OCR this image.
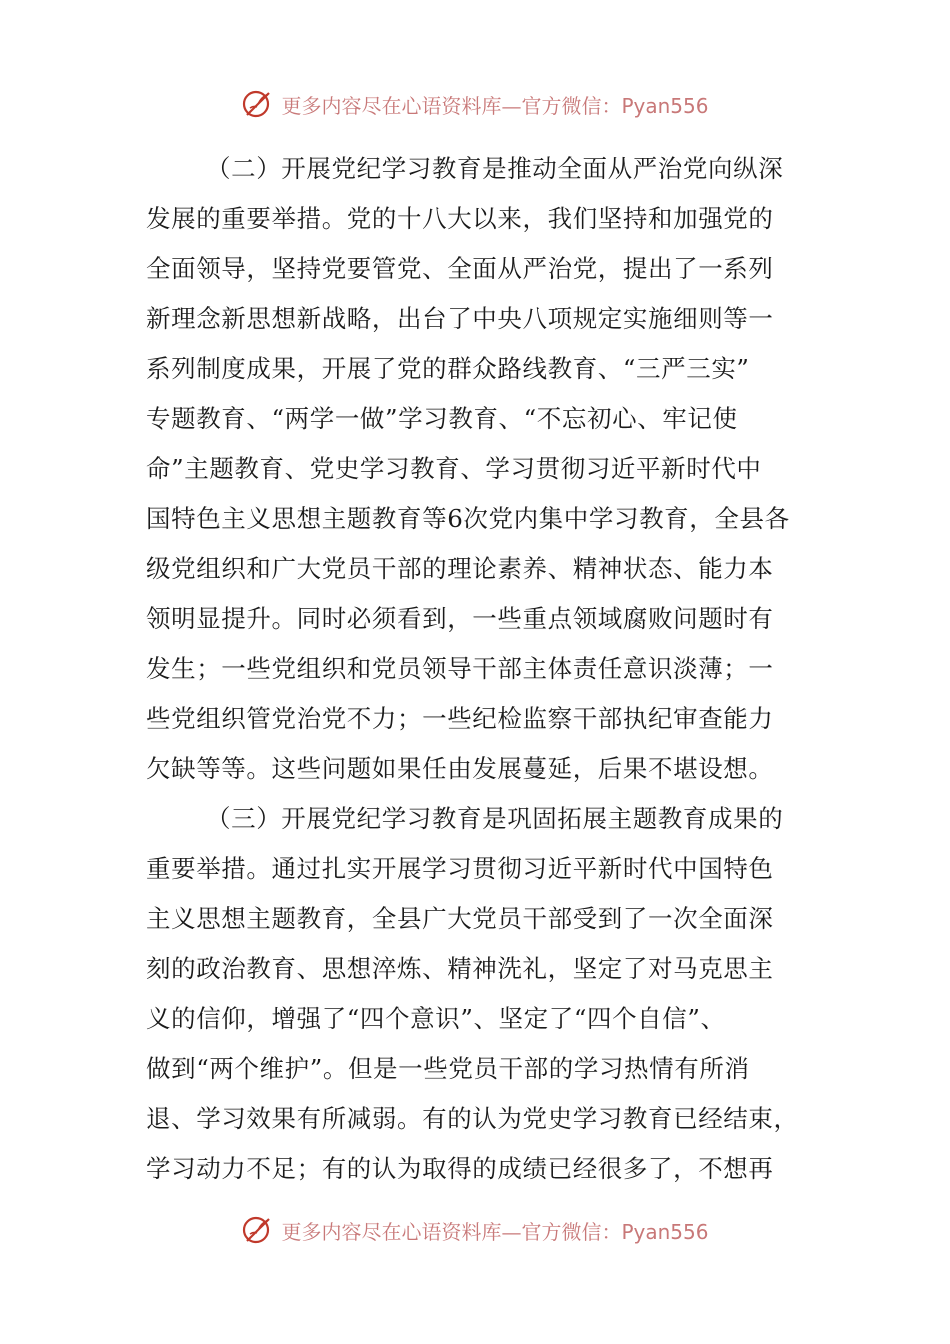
更多内容尽在心语资料库—官方微信：Pyan556
（二）开展党纪学习教育是推动全面从严治党向纵深
发展的重要举措。党的十八大以来，我们坚持和加强党的
全面领导，坚持党要管党、全面从严治党，提出了一系列
新理念新思想新战略，出台了中央八项规定实施细则等一
系列制度成果，开展了党的群众路线教育、“三严三实”
专题教育、“两学一做”学习教育、“不忘初心、牢记使
命”主题教育、党史学习教育、学习贯彻习近平新时代中
国特色主义思想主题教育等6次党内集中学习教育，全县各
级党组织和广大党员干部的理论素养、精神状态、能力本
领明显提升。同时必须看到，一些重点领域腐败问题时有
发生；一些党组织和党员领导干部主体责任意识淡薄；一
些党组织管党治党不力；一些纪检监察干部执纪审查能力
欠缺等等。这些问题如果任由发展蔓延，后果不堪设想。
（三）开展党纪学习教育是巩固拓展主题教育成果的
重要举措。通过扎实开展学习贯彻习近平新时代中国特色
主义思想主题教育，全县广大党员干部受到了一次全面深
刻的政治教育、思想淬炼、精神洗礼，坚定了对马克思主
义的信仰，增强了“四个意识”、坚定了“四个自信”、
做到“两个维护”。但是一些党员干部的学习热情有所消
退、学习效果有所减弱。有的认为党史学习教育已经结束，
学习动力不足；有的认为取得的成绩已经很多了，不想再
更多内容尽在心语资料库—官方微信：Pyan556
